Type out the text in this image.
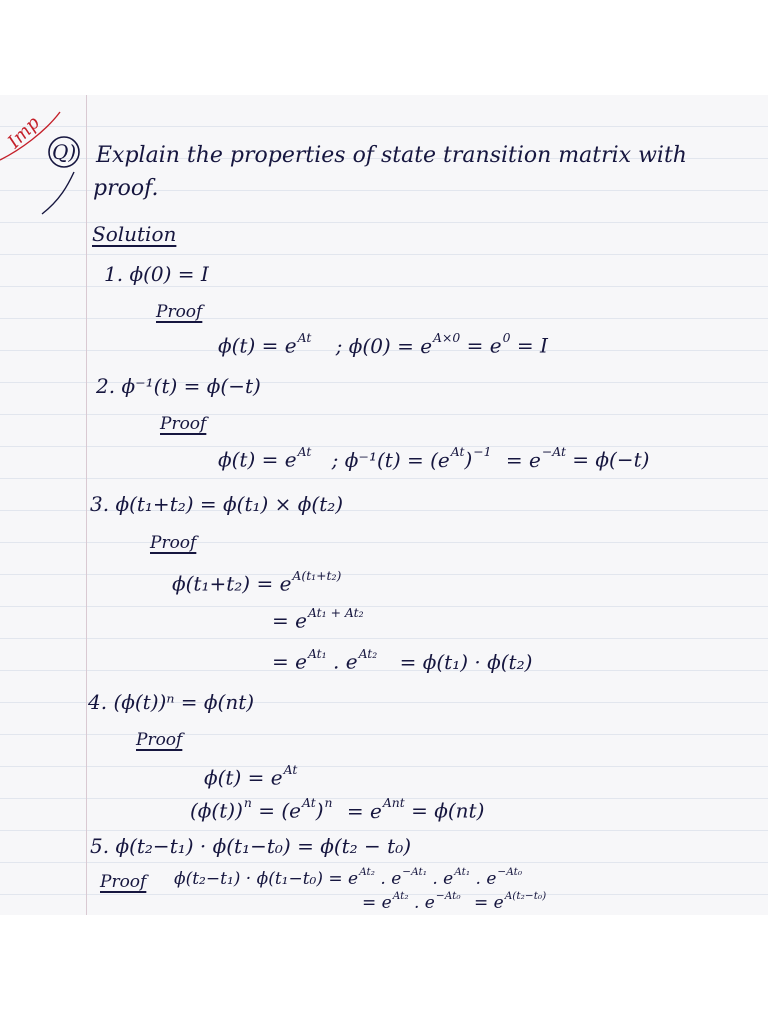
Imp Q) Explain the properties of state transition matrix with
proof.
Solution
1. ϕ(0) = I
Proof
$\phi(t) = e^{At}$ ; $\phi(0) = e^{A\times 0} = e^0 = I$
2. ϕ⁻¹(t) = ϕ(−t)
Proof
$\phi(t) = e^{At}$ ; $\phi^{-1}(t) = (e^{At})^{-1} = e^{-At} = \phi(-t)$
3. ϕ(t₁+t₂) = ϕ(t₁) × ϕ(t₂)
Proof
$\phi(t_1+t_2) = e^{A(t_1+t_2)}$
= $e^{At_1 + At_2}$
= $e^{At_1}$ . $e^{At_2} = \phi(t_1) \cdot \phi(t_2)$
4. (ϕ(t))ⁿ = ϕ(nt)
Proof
$\phi(t) = e^{At}$
$(\phi(t))^n = (e^{At})^n = e^{Ant} = \phi(nt)$
5. ϕ(t₂−t₁) · ϕ(t₁−t₀) = ϕ(t₂ − t₀)
Proof $\phi(t_2-t_1) \cdot \phi(t_1-t_0) = e^{At_2}$ . $e^{-At_1}$ . $e^{At_1}$ . $e^{-At_0}$
= $e^{At_2}$ . $e^{-At_0} = e^{A(t_2-t_0)}$
